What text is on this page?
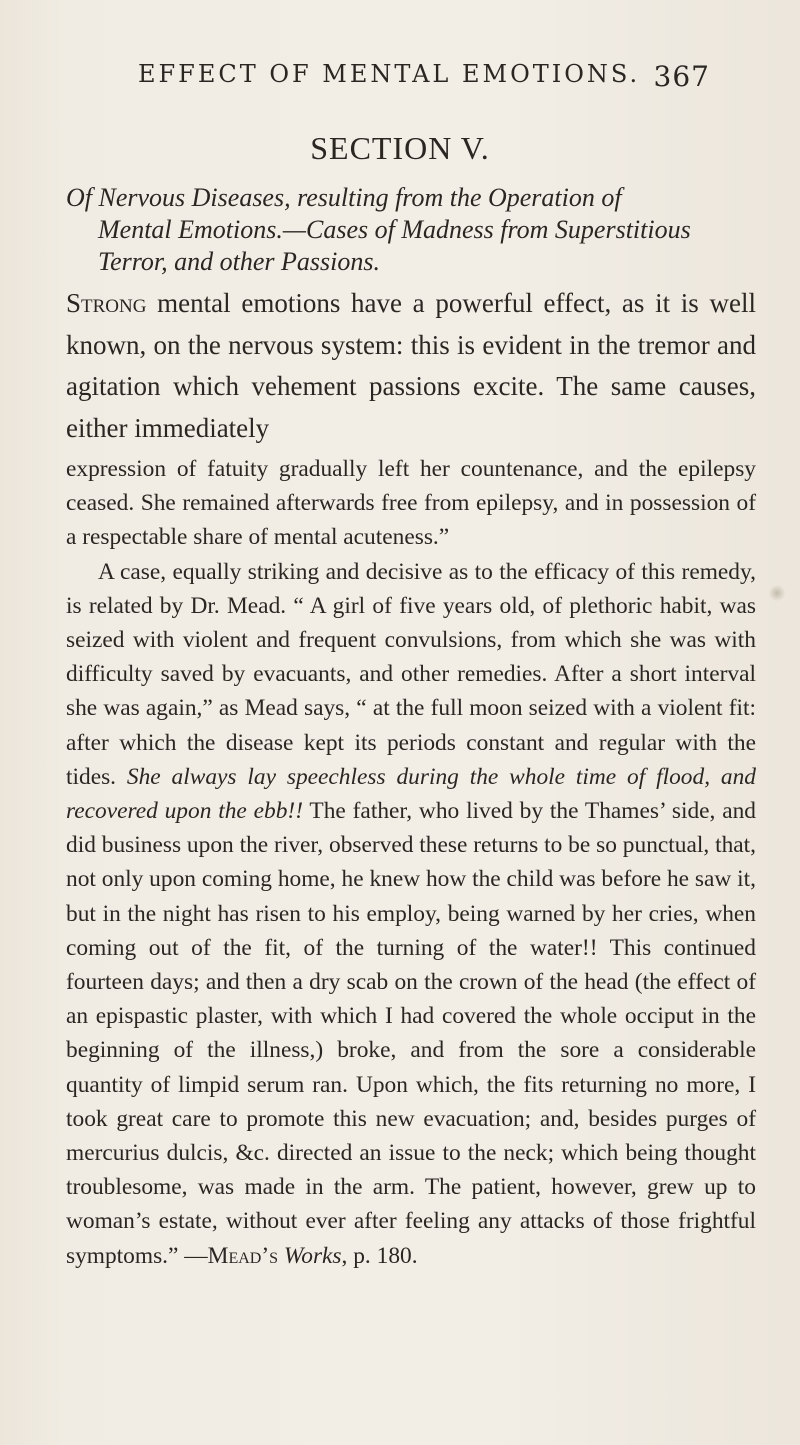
EFFECT OF MENTAL EMOTIONS. 367
SECTION V.
Of Nervous Diseases, resulting from the Operation of
Mental Emotions.—Cases of Madness from Superstitious
Terror, and other Passions.
Strong mental emotions have a powerful effect, as it is well known, on the nervous system: this is evident in the tremor and agitation which vehement passions excite. The same causes, either immediately

expression of fatuity gradually left her countenance, and the epilepsy ceased. She remained afterwards free from epilepsy, and in possession of a respectable share of mental acuteness.”

A case, equally striking and decisive as to the efficacy of this remedy, is related by Dr. Mead. “ A girl of five years old, of plethoric habit, was seized with violent and frequent convulsions, from which she was with difficulty saved by evacuants, and other remedies. After a short interval she was again,” as Mead says, “ at the full moon seized with a violent fit: after which the disease kept its periods constant and regular with the tides. She always lay speechless during the whole time of flood, and recovered upon the ebb!! The father, who lived by the Thames’ side, and did business upon the river, observed these returns to be so punctual, that, not only upon coming home, he knew how the child was before he saw it, but in the night has risen to his employ, being warned by her cries, when coming out of the fit, of the turning of the water!! This continued fourteen days; and then a dry scab on the crown of the head (the effect of an epispastic plaster, with which I had covered the whole occiput in the beginning of the illness,) broke, and from the sore a considerable quantity of limpid serum ran. Upon which, the fits returning no more, I took great care to promote this new evacuation; and, besides purges of mercurius dulcis, &c. directed an issue to the neck; which being thought troublesome, was made in the arm. The patient, however, grew up to woman’s estate, without ever after feeling any attacks of those frightful symptoms.” —Mead’s Works, p. 180.
